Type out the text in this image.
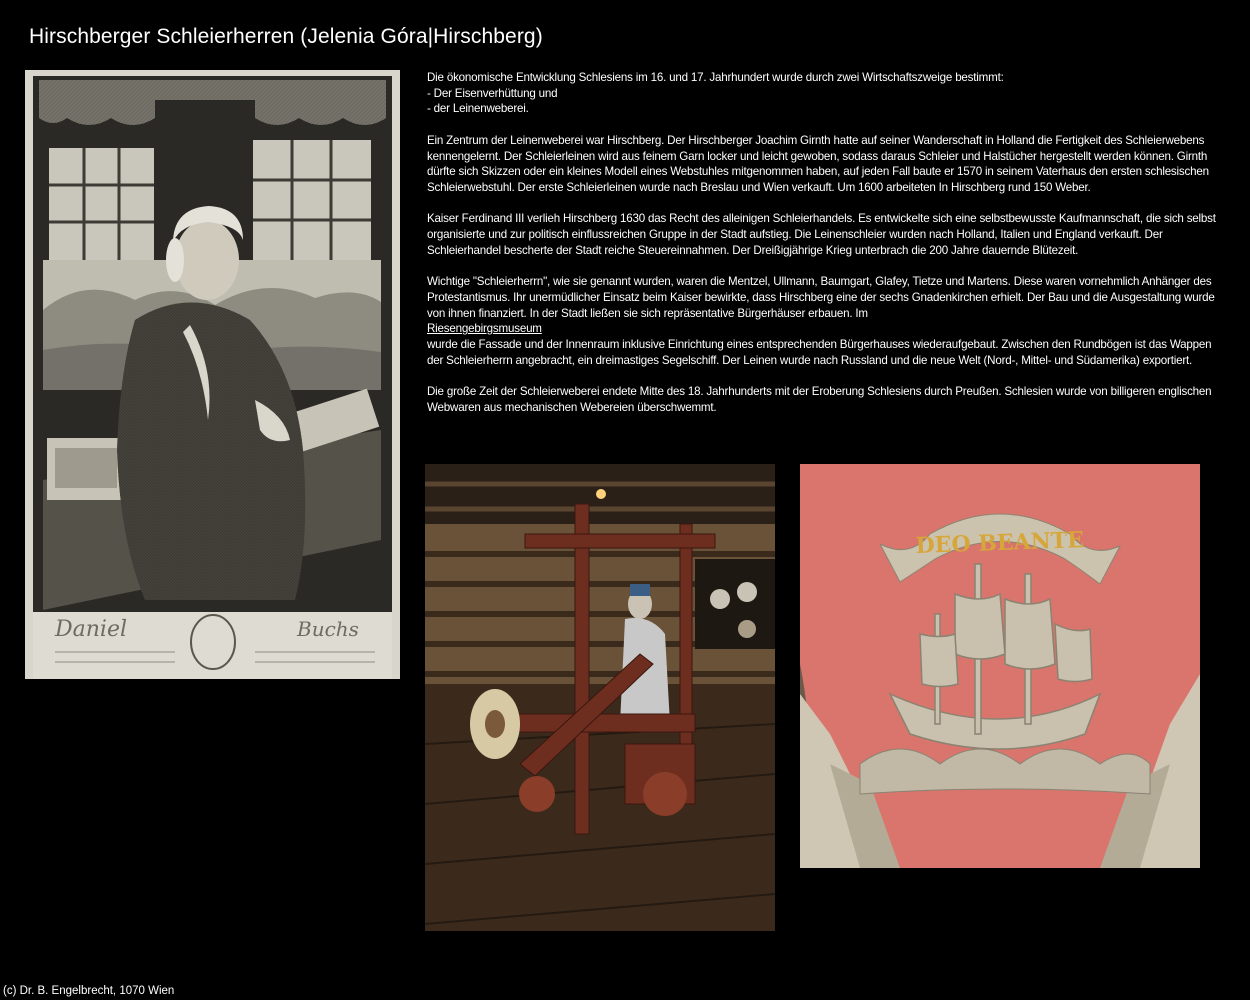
Hirschberger Schleierherren (Jelenia Góra|Hirschberg)
Daniel	Buchs

Die ökonomische Entwicklung Schlesiens im 16. und 17. Jahrhundert wurde durch zwei Wirtschaftszweige bestimmt:
- Der Eisenverhüttung und
- der Leinenweberei.

Ein Zentrum der Leinenweberei war Hirschberg. Der Hirschberger Joachim Girnth hatte auf seiner Wanderschaft in Holland die Fertigkeit des Schleierwebens kennengelernt. Der Schleierleinen wird aus feinem Garn locker und leicht gewoben, sodass daraus Schleier und Halstücher hergestellt werden können. Girnth dürfte sich Skizzen oder ein kleines Modell eines Webstuhles mitgenommen haben, auf jeden Fall baute er 1570 in seinem Vaterhaus den ersten schlesischen Schleierwebstuhl. Der erste Schleierleinen wurde nach Breslau und Wien verkauft. Um 1600 arbeiteten In Hirschberg rund 150 Weber.

Kaiser Ferdinand III verlieh Hirschberg 1630 das Recht des alleinigen Schleierhandels. Es entwickelte sich eine selbstbewusste Kaufmannschaft, die sich selbst organisierte und zur politisch einflussreichen Gruppe in der Stadt aufstieg. Die Leinenschleier wurden nach Holland, Italien und England verkauft. Der Schleierhandel bescherte der Stadt reiche Steuereinnahmen. Der Dreißigjährige Krieg unterbrach die 200 Jahre dauernde Blütezeit.

Wichtige "Schleierherrn", wie sie genannt wurden, waren die Mentzel, Ullmann, Baumgart, Glafey, Tietze und Martens. Diese waren vornehmlich Anhänger des Protestantismus. Ihr unermüdlicher Einsatz beim Kaiser bewirkte, dass Hirschberg eine der sechs Gnadenkirchen erhielt. Der Bau und die Ausgestaltung wurde von ihnen finanziert. In der Stadt ließen sie sich repräsentative Bürgerhäuser erbauen. Im
Riesengebirgsmuseum
wurde die Fassade und der Innenraum inklusive Einrichtung eines entsprechenden Bürgerhauses wiederaufgebaut. Zwischen den Rundbögen ist das Wappen der Schleierherrn angebracht, ein dreimastiges Segelschiff. Der Leinen wurde nach Russland und die neue Welt (Nord-, Mittel- und Südamerika) exportiert.

Die große Zeit der Schleierweberei endete Mitte des 18. Jahrhunderts mit der Eroberung Schlesiens durch Preußen. Schlesien wurde von billigeren englischen Webwaren aus mechanischen Webereien überschwemmt.

DEO BEANTE
(c) Dr. B. Engelbrecht, 1070 Wien
